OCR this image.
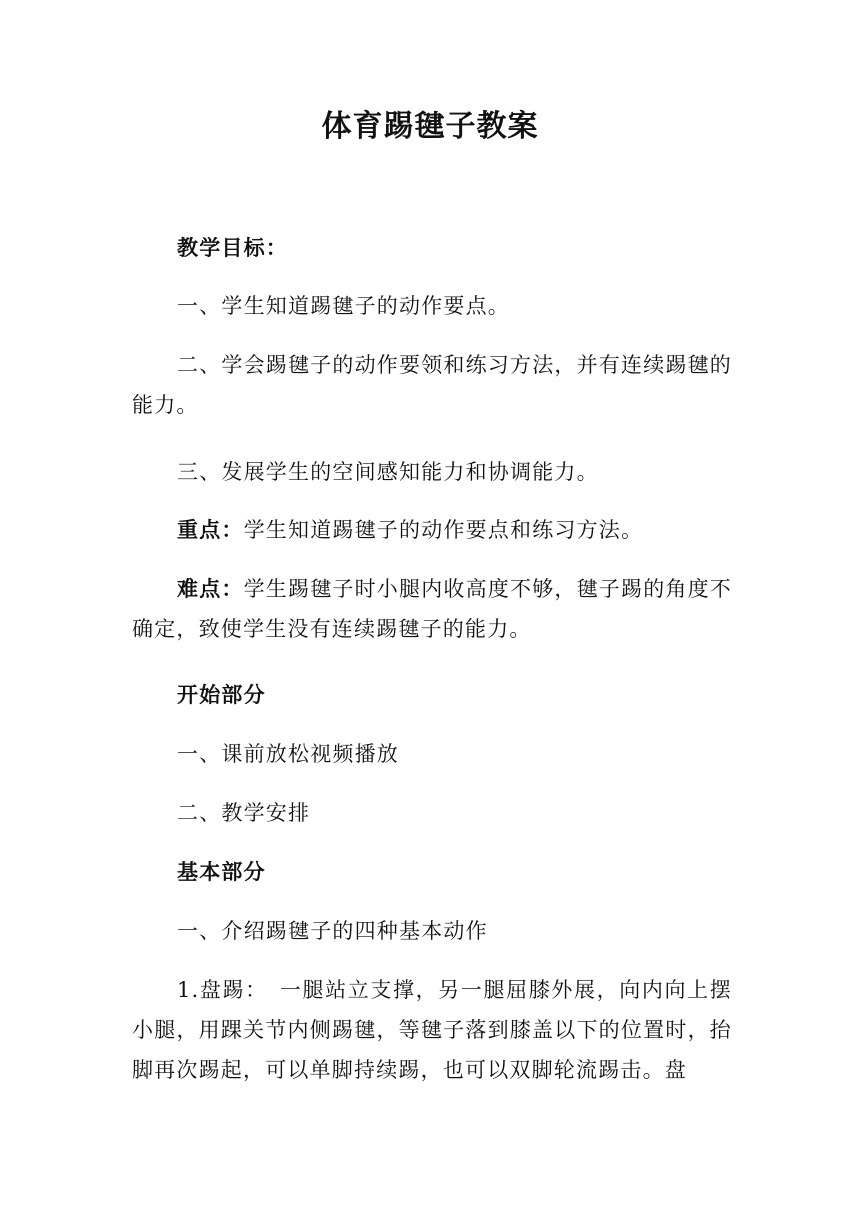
体育踢毽子教案
教学目标：
一、学生知道踢毽子的动作要点。
二、学会踢毽子的动作要领和练习方法，并有连续踢毽的能力。
三、发展学生的空间感知能力和协调能力。
重点：学生知道踢毽子的动作要点和练习方法。
难点：学生踢毽子时小腿内收高度不够，毽子踢的角度不确定，致使学生没有连续踢毽子的能力。
开始部分
一、课前放松视频播放
二、教学安排
基本部分
一、介绍踢毽子的四种基本动作
1.盘踢：　一腿站立支撑，另一腿屈膝外展，向内向上摆小腿，用踝关节内侧踢毽，等毽子落到膝盖以下的位置时，抬脚再次踢起，可以单脚持续踢，也可以双脚轮流踢击。盘
